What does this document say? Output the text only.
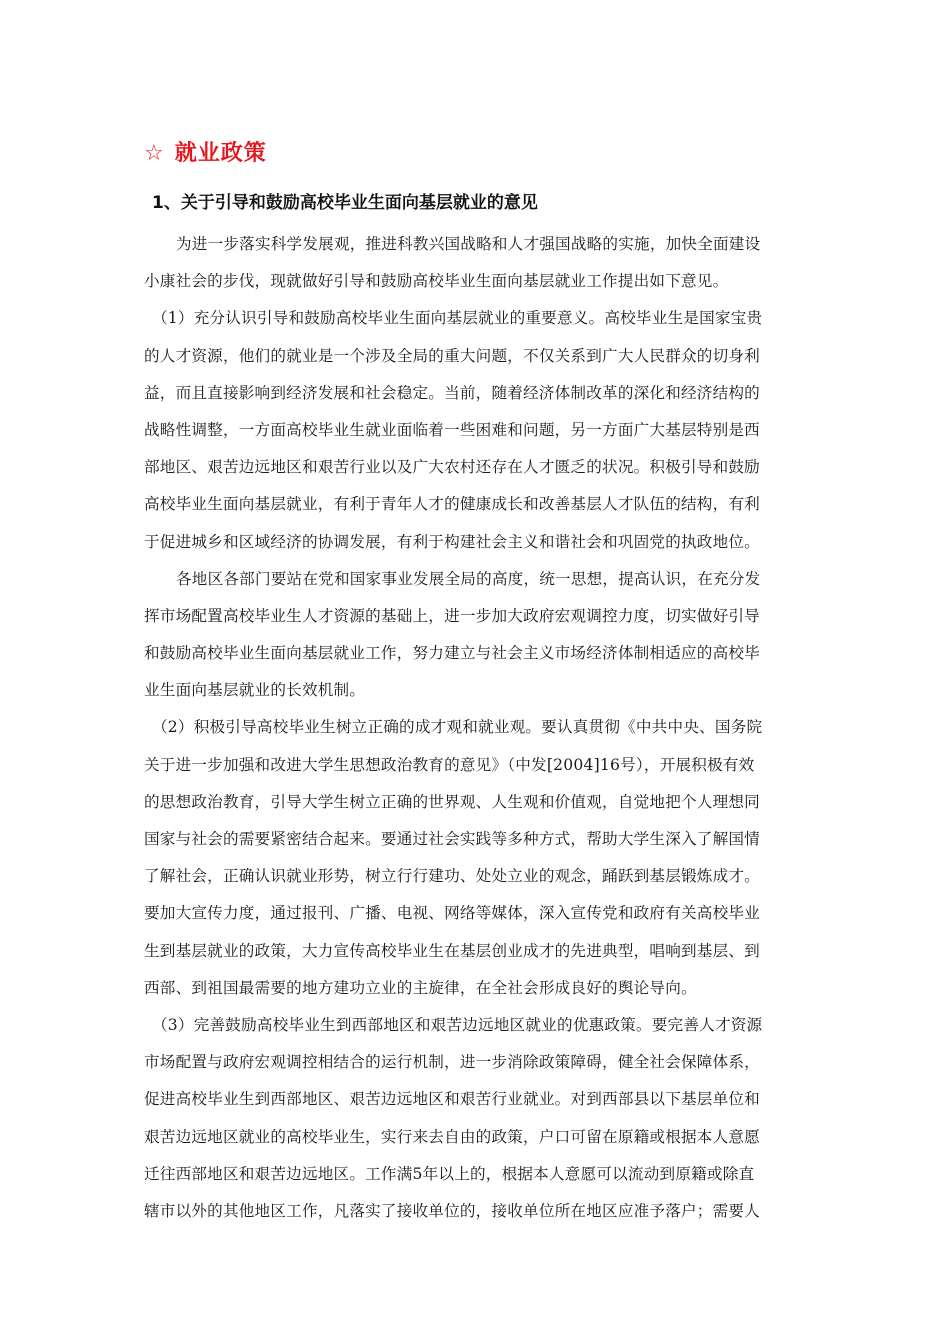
☆ 就业政策
1、关于引导和鼓励高校毕业生面向基层就业的意见
为进一步落实科学发展观，推进科教兴国战略和人才强国战略的实施，加快全面建设
小康社会的步伐，现就做好引导和鼓励高校毕业生面向基层就业工作提出如下意见。
（1）充分认识引导和鼓励高校毕业生面向基层就业的重要意义。高校毕业生是国家宝贵
的人才资源，他们的就业是一个涉及全局的重大问题，不仅关系到广大人民群众的切身利
益，而且直接影响到经济发展和社会稳定。当前，随着经济体制改革的深化和经济结构的
战略性调整，一方面高校毕业生就业面临着一些困难和问题，另一方面广大基层特别是西
部地区、艰苦边远地区和艰苦行业以及广大农村还存在人才匮乏的状况。积极引导和鼓励
高校毕业生面向基层就业，有利于青年人才的健康成长和改善基层人才队伍的结构，有利
于促进城乡和区域经济的协调发展，有利于构建社会主义和谐社会和巩固党的执政地位。
各地区各部门要站在党和国家事业发展全局的高度，统一思想，提高认识，在充分发
挥市场配置高校毕业生人才资源的基础上，进一步加大政府宏观调控力度，切实做好引导
和鼓励高校毕业生面向基层就业工作，努力建立与社会主义市场经济体制相适应的高校毕
业生面向基层就业的长效机制。
（2）积极引导高校毕业生树立正确的成才观和就业观。要认真贯彻《中共中央、国务院
关于进一步加强和改进大学生思想政治教育的意见》（中发[2004]16号），开展积极有效
的思想政治教育，引导大学生树立正确的世界观、人生观和价值观，自觉地把个人理想同
国家与社会的需要紧密结合起来。要通过社会实践等多种方式，帮助大学生深入了解国情
了解社会，正确认识就业形势，树立行行建功、处处立业的观念，踊跃到基层锻炼成才。
要加大宣传力度，通过报刊、广播、电视、网络等媒体，深入宣传党和政府有关高校毕业
生到基层就业的政策，大力宣传高校毕业生在基层创业成才的先进典型，唱响到基层、到
西部、到祖国最需要的地方建功立业的主旋律，在全社会形成良好的舆论导向。
（3）完善鼓励高校毕业生到西部地区和艰苦边远地区就业的优惠政策。要完善人才资源
市场配置与政府宏观调控相结合的运行机制，进一步消除政策障碍，健全社会保障体系，
促进高校毕业生到西部地区、艰苦边远地区和艰苦行业就业。对到西部县以下基层单位和
艰苦边远地区就业的高校毕业生，实行来去自由的政策，户口可留在原籍或根据本人意愿
迁往西部地区和艰苦边远地区。工作满5年以上的，根据本人意愿可以流动到原籍或除直
辖市以外的其他地区工作，凡落实了接收单位的，接收单位所在地区应准予落户；需要人
